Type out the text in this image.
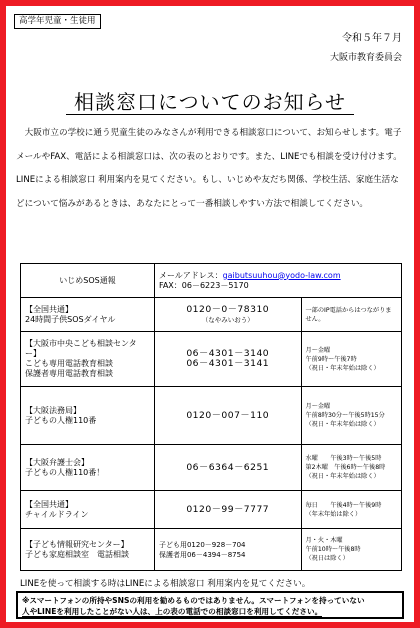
高学年児童・生徒用
令和５年７月
大阪市教育委員会
相談窓口についてのお知らせ

大阪市立の学校に通う児童生徒のみなさんが利用できる相談窓口について、お知らせします。電子メールやFAX、電話による相談窓口は、次の表のとおりです。また、LINEでも相談を受け付けます。LINEによる相談窓口 利用案内を見てください。もし、いじめや友だち関係、学校生活、家庭生活などについて悩みがあるときは、あなたにとって一番相談しやすい方法で相談してください。

いじめSOS通報	メールアドレス：gaibutsuuhou@yodo-law.com
FAX：06－6223－5170	
【全国共通】
24時間子供SOSダイヤル	0120－0－78310
（なやみいおう）	一部のIP電話からはつながりません。
【大阪市中央こども相談センター】
こども専用電話教育相談
保護者専用電話教育相談	06－4301－3140
06－4301－3141	月～金曜
午前9時～午後7時
（祝日・年末年始は除く）
【大阪法務局】
子どもの人権110番	0120－007－110	月～金曜
午前8時30分～午後5時15分
（祝日・年末年始は除く）
【大阪弁護士会】
子どもの人権110番！	06－6364－6251	水曜　　午後3時～午後5時
第2木曜　午後6時～午後8時
（祝日・年末年始は除く）
【全国共通】
チャイルドライン	0120－99－7777	毎日　　午後4時～午後9時
（年末年始は除く）
【子ども情報研究センター】
子ども家庭相談室　電話相談	子ども用0120－928－704
保護者用06－4394－8754	月・火・木曜
午前10時～午後8時
（祝日は除く）
LINEを使って相談する時はLINEによる相談窓口 利用案内を見てください。
※スマートフォンの所持やSNSの利用を勧めるものではありません。スマートフォンを持っていない
人やLINEを利用したことがない人は、上の表の電話での相談窓口を利用してください。
